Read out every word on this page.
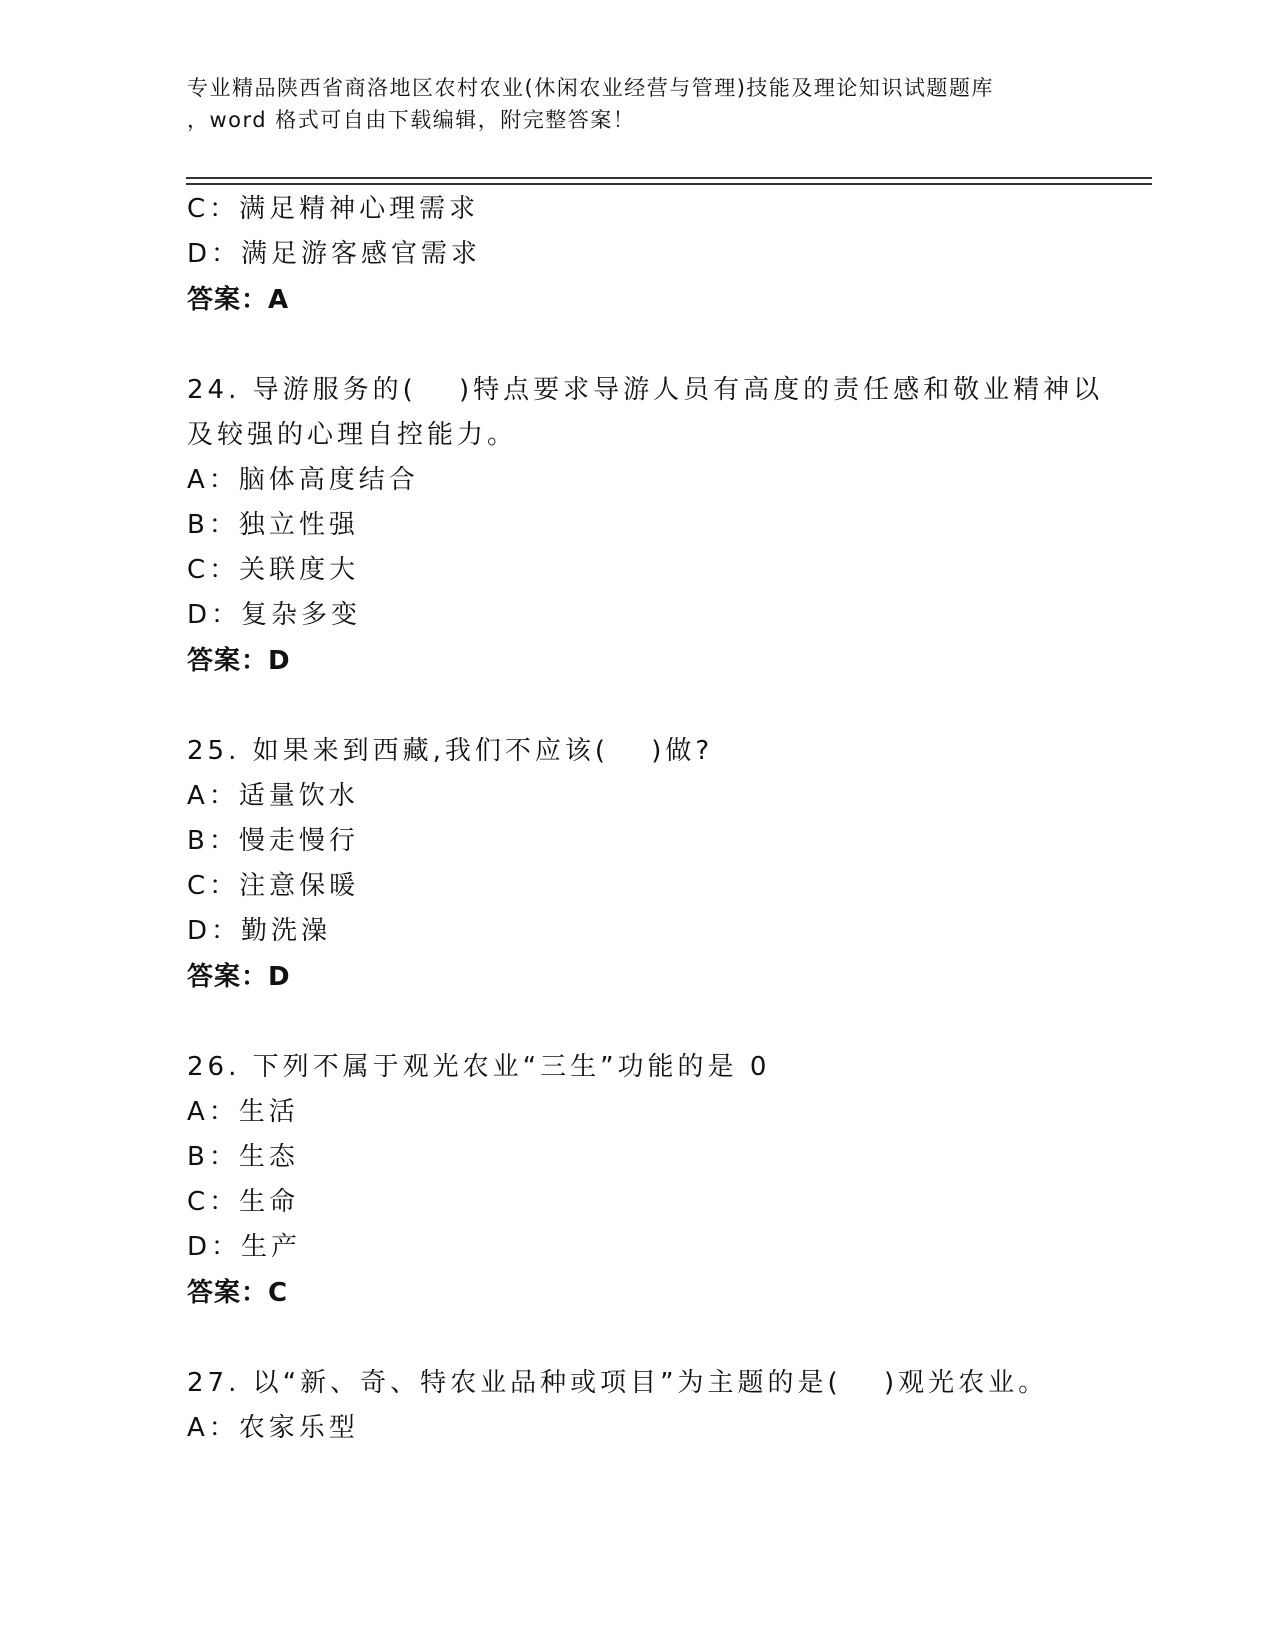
专业精品陕西省商洛地区农村农业(休闲农业经营与管理)技能及理论知识试题题库
，word 格式可自由下载编辑，附完整答案！
C：满足精神心理需求
D：满足游客感官需求
答案：A
24. 导游服务的(　 )特点要求导游人员有高度的责任感和敬业精神以
及较强的心理自控能力。
A：脑体高度结合
B：独立性强
C：关联度大
D：复杂多变
答案：D
25. 如果来到西藏,我们不应该(　 )做?
A：适量饮水
B：慢走慢行
C：注意保暖
D：勤洗澡
答案：D
26. 下列不属于观光农业“三生”功能的是 0
A：生活
B：生态
C：生命
D：生产
答案：C
27. 以“新、奇、特农业品种或项目”为主题的是(　 )观光农业。
A：农家乐型
